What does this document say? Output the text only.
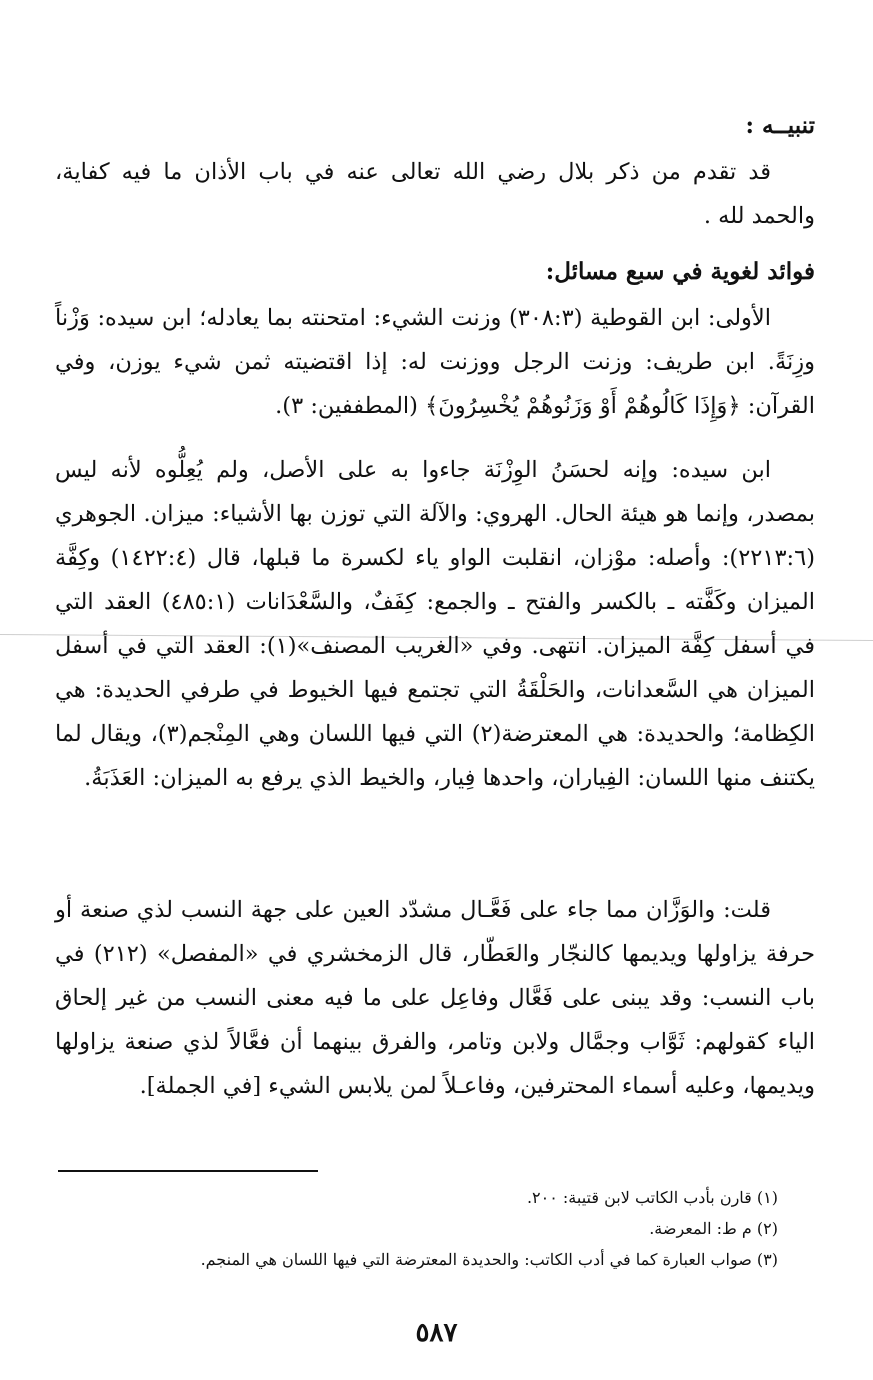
تنبيــه :

قد تقدم من ذكر بلال رضي الله تعالى عنه في باب الأذان ما فيه كفاية، والحمد لله .

فوائد لغوية في سبع مسائل:

الأولى: ابن القوطية (٣٠٨:٣) وزنت الشيء: امتحنته بما يعادله؛ ابن سيده: وَزْناً وزِنَةً. ابن طريف: وزنت الرجل ووزنت له: إذا اقتضيته ثمن شيء يوزن، وفي القرآن: ﴿وَإِذَا كَالُوهُمْ أَوْ وَزَنُوهُمْ يُخْسِرُونَ﴾ (المطففين: ٣).

ابن سيده: وإنه لحسَنُ الوِزْنَة جاءوا به على الأصل، ولم يُعِلُّوه لأنه ليس بمصدر، وإنما هو هيئة الحال. الهروي: والآلة التي توزن بها الأشياء: ميزان. الجوهري (٢٢١٣:٦): وأصله: موْزان، انقلبت الواو ياء لكسرة ما قبلها، قال (١٤٢٢:٤) وكِفَّة الميزان وكَفَّته ـ بالكسر والفتح ـ والجمع: كِفَفٌ، والسَّعْدَانات (٤٨٥:١) العقد التي في أسفل كِفَّة الميزان. انتهى. وفي «الغريب المصنف»(١): العقد التي في أسفل الميزان هي السَّعدانات، والحَلْقَةُ التي تجتمع فيها الخيوط في طرفي الحديدة: هي الكِظامة؛ والحديدة: هي المعترضة(٢) التي فيها اللسان وهي المِنْجم(٣)، ويقال لما يكتنف منها اللسان: الفِياران، واحدها فِيار، والخيط الذي يرفع به الميزان: العَذَبَةُ.

قلت: والوَزَّان مما جاء على فَعَّـال مشدّد العين على جهة النسب لذي صنعة أو حرفة يزاولها ويديمها كالنجّار والعَطّار، قال الزمخشري في «المفصل» (٢١٢) في باب النسب: وقد يبنى على فَعَّال وفاعِل على ما فيه معنى النسب من غير إلحاق الياء كقولهم: ثَوَّاب وجمَّال ولابن وتامر، والفرق بينهما أن فعَّالاً لذي صنعة يزاولها ويديمها، وعليه أسماء المحترفين، وفاعـلاً لمن يلابس الشيء [في الجملة].

(١) قارن بأدب الكاتب لابن قتيبة: ٢٠٠.

(٢) م ط: المعرضة.

(٣) صواب العبارة كما في أدب الكاتب: والحديدة المعترضة التي فيها اللسان هي المنجم.

٥٨٧
